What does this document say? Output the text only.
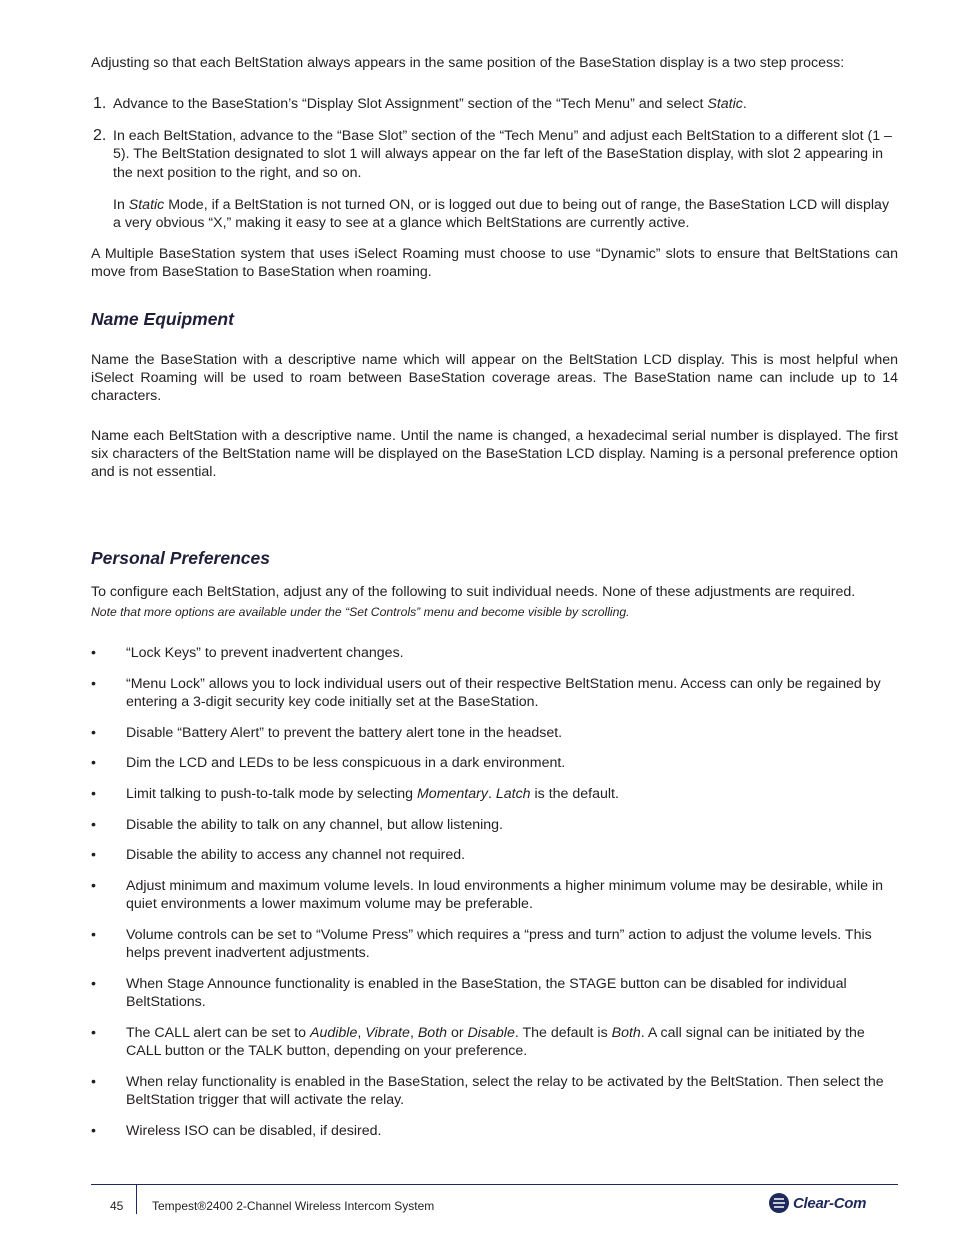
Adjusting so that each BeltStation always appears in the same position of the BaseStation display is a two step process:

1. Advance to the BaseStation’s “Display Slot Assignment” section of the “Tech Menu” and select Static.

2. In each BeltStation, advance to the “Base Slot” section of the “Tech Menu” and adjust each BeltStation to a different slot (1 – 5). The BeltStation designated to slot 1 will always appear on the far left of the BaseStation display, with slot 2 appearing in the next position to the right, and so on.

In Static Mode, if a BeltStation is not turned ON, or is logged out due to being out of range, the BaseStation LCD will display a very obvious “X,” making it easy to see at a glance which BeltStations are currently active.

A Multiple BaseStation system that uses iSelect Roaming must choose to use “Dynamic” slots to ensure that BeltStations can move from BaseStation to BaseStation when roaming.

Name Equipment

Name the BaseStation with a descriptive name which will appear on the BeltStation LCD display. This is most helpful when iSelect Roaming will be used to roam between BaseStation coverage areas. The BaseStation name can include up to 14 characters.

Name each BeltStation with a descriptive name. Until the name is changed, a hexadecimal serial number is displayed. The first six characters of the BeltStation name will be displayed on the BaseStation LCD display. Naming is a personal preference option and is not essential.

Personal Preferences

To configure each BeltStation, adjust any of the following to suit individual needs. None of these adjustments are required.

Note that more options are available under the “Set Controls” menu and become visible by scrolling.

• “Lock Keys” to prevent inadvertent changes.
• “Menu Lock” allows you to lock individual users out of their respective BeltStation menu. Access can only be regained by entering a 3-digit security key code initially set at the BaseStation.
• Disable “Battery Alert” to prevent the battery alert tone in the headset.
• Dim the LCD and LEDs to be less conspicuous in a dark environment.
• Limit talking to push-to-talk mode by selecting Momentary. Latch is the default.
• Disable the ability to talk on any channel, but allow listening.
• Disable the ability to access any channel not required.
• Adjust minimum and maximum volume levels. In loud environments a higher minimum volume may be desirable, while in quiet environments a lower maximum volume may be preferable.
• Volume controls can be set to “Volume Press” which requires a “press and turn” action to adjust the volume levels. This helps prevent inadvertent adjustments.
• When Stage Announce functionality is enabled in the BaseStation, the STAGE button can be disabled for individual BeltStations.
• The CALL alert can be set to Audible, Vibrate, Both or Disable. The default is Both. A call signal can be initiated by the CALL button or the TALK button, depending on your preference.
• When relay functionality is enabled in the BaseStation, select the relay to be activated by the BeltStation. Then select the BeltStation trigger that will activate the relay.
• Wireless ISO can be disabled, if desired.
45 Tempest®2400 2-Channel Wireless Intercom System	Clear-Com
